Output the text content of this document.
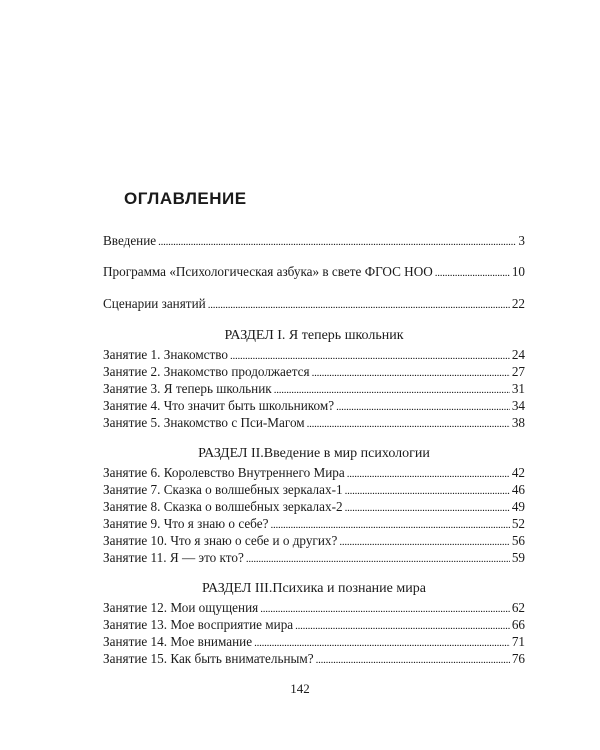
ОГЛАВЛЕНИЕ
Введение . . .	3
Программа «Психологическая азбука» в свете ФГОС НОО . . .	10
Сценарии занятий . . .	22
РАЗДЕЛ I. Я теперь школьник
Занятие 1. Знакомство . . .	24
Занятие 2. Знакомство продолжается . . .	27
Занятие 3. Я теперь школьник . . .	31
Занятие 4. Что значит быть школьником? . . .	34
Занятие 5. Знакомство с Пси-Магом . . .	38
РАЗДЕЛ II.Введение в мир психологии
Занятие 6. Королевство Внутреннего Мира . . .	42
Занятие 7. Сказка о волшебных зеркалах-1 . . .	46
Занятие 8. Сказка о волшебных зеркалах-2 . . .	49
Занятие 9. Что я знаю о себе? . . .	52
Занятие 10. Что я знаю о себе и о других? . . .	56
Занятие 11. Я — это кто? . . .	59
РАЗДЕЛ III.Психика и познание мира
Занятие 12. Мои ощущения . . .	62
Занятие 13. Мое восприятие мира . . .	66
Занятие 14. Мое внимание . . .	71
Занятие 15. Как быть внимательным? . . .	76
142
